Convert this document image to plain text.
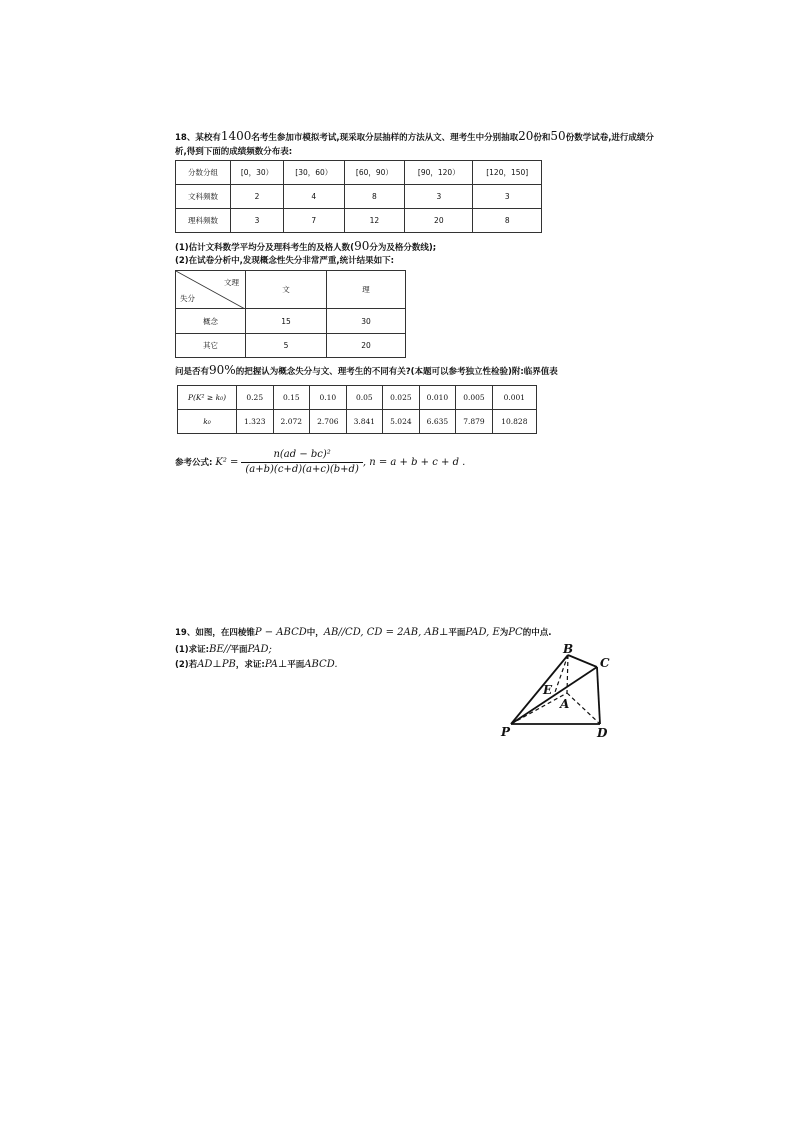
18、某校有1400名考生参加市模拟考试,现采取分层抽样的方法从文、理考生中分别抽取20份和50份数学试卷,进行成绩分
析,得到下面的成绩频数分布表:
分数分组	[0，30）	[30，60）	[60，90）	[90，120）	[120，150]
文科频数	2	4	8	3	3
理科频数	3	7	12	20	8
(1)估计文科数学平均分及理科考生的及格人数(90分为及格分数线);
(2)在试卷分析中,发现概念性失分非常严重,统计结果如下:
文理
失分	文	理
概念	15	30
其它	5	20
问是否有90%的把握认为概念失分与文、理考生的不同有关?(本题可以参考独立性检验)附:临界值表
P(K² ≥ k₀)	0.25	0.15	0.10	0.05	0.025	0.010	0.005	0.001
k₀	1.323	2.072	2.706	3.841	5.024	6.635	7.879	10.828
参考公式: $K^2 = \frac{\text{n(ad − bc)²}}{(a+b)(c+d)(a+c)(b+d)}$ , n = a + b + c + d .
19、如图，在四棱锥P − ABCD中，AB//CD, CD = 2AB, AB⊥平面PAD, E为PC的中点.
(1)求证:BE//平面PAD;
(2)若AD⊥PB，求证:PA⊥平面ABCD.
B
C
E
A
P	D
